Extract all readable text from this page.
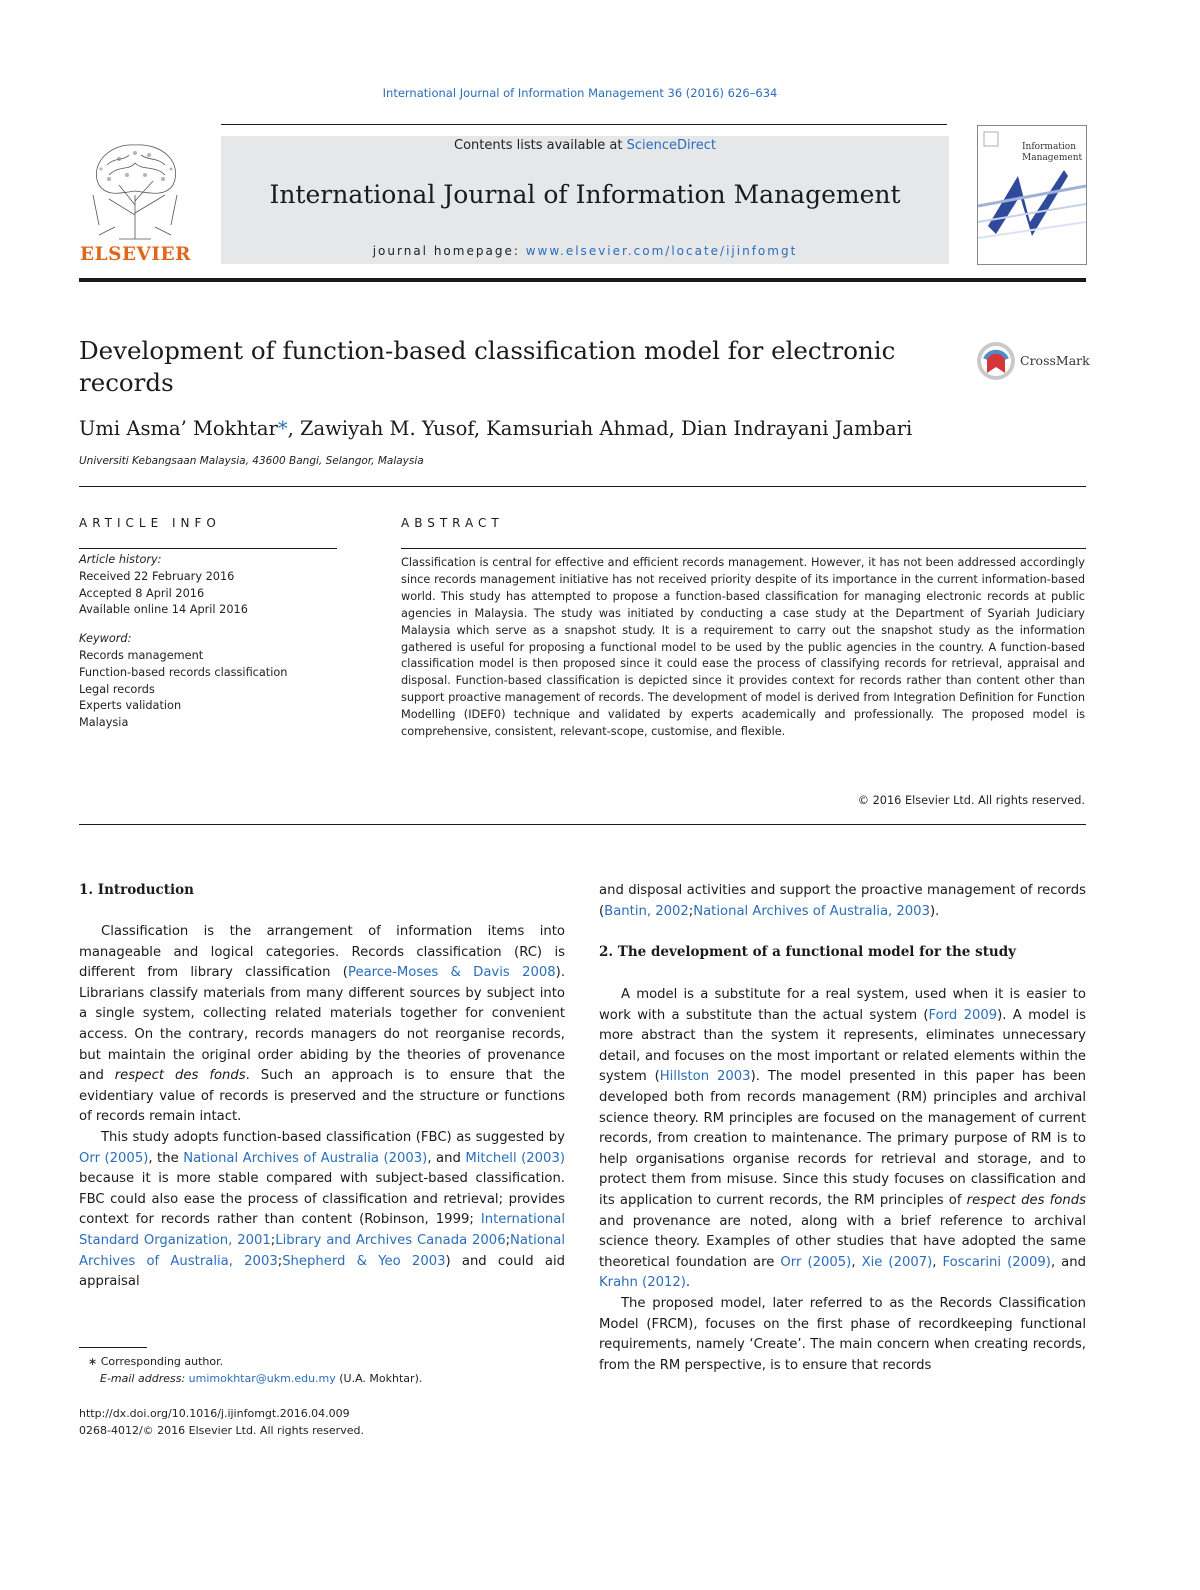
International Journal of Information Management 36 (2016) 626–634
ELSEVIER
Contents lists available at ScienceDirect
International Journal of Information Management
journal homepage: www.elsevier.com/locate/ijinfomgt
Information
Management
Development of function-based classification model for electronic records
CrossMark
Umi Asma’ Mokhtar*, Zawiyah M. Yusof, Kamsuriah Ahmad, Dian Indrayani Jambari
Universiti Kebangsaan Malaysia, 43600 Bangi, Selangor, Malaysia
ARTICLE INFO
Article history:
Received 22 February 2016
Accepted 8 April 2016
Available online 14 April 2016
Keyword:
Records management
Function-based records classification
Legal records
Experts validation
Malaysia
ABSTRACT
Classification is central for effective and efficient records management. However, it has not been addressed accordingly since records management initiative has not received priority despite of its importance in the current information-based world. This study has attempted to propose a function-based classification for managing electronic records at public agencies in Malaysia. The study was initiated by conducting a case study at the Department of Syariah Judiciary Malaysia which serve as a snapshot study. It is a requirement to carry out the snapshot study as the information gathered is useful for proposing a functional model to be used by the public agencies in the country. A function-based classification model is then proposed since it could ease the process of classifying records for retrieval, appraisal and disposal. Function-based classification is depicted since it provides context for records rather than content other than support proactive management of records. The development of model is derived from Integration Definition for Function Modelling (IDEF0) technique and validated by experts academically and professionally. The proposed model is comprehensive, consistent, relevant-scope, customise, and flexible.
© 2016 Elsevier Ltd. All rights reserved.
1. Introduction

Classification is the arrangement of information items into manageable and logical categories. Records classification (RC) is different from library classification (Pearce-Moses & Davis 2008). Librarians classify materials from many different sources by subject into a single system, collecting related materials together for convenient access. On the contrary, records managers do not reorganise records, but maintain the original order abiding by the theories of provenance and respect des fonds. Such an approach is to ensure that the evidentiary value of records is preserved and the structure or functions of records remain intact.

This study adopts function-based classification (FBC) as suggested by Orr (2005), the National Archives of Australia (2003), and Mitchell (2003) because it is more stable compared with subject-based classification. FBC could also ease the process of classification and retrieval; provides context for records rather than content (Robinson, 1999; International Standard Organization, 2001;Library and Archives Canada 2006;National Archives of Australia, 2003;Shepherd & Yeo 2003) and could aid appraisal

∗ Corresponding author.
E-mail address: umimokhtar@ukm.edu.my (U.A. Mokhtar).
http://dx.doi.org/10.1016/j.ijinfomgt.2016.04.009
0268-4012/© 2016 Elsevier Ltd. All rights reserved.
and disposal activities and support the proactive management of records (Bantin, 2002;National Archives of Australia, 2003).
2. The development of a functional model for the study

A model is a substitute for a real system, used when it is easier to work with a substitute than the actual system (Ford 2009). A model is more abstract than the system it represents, eliminates unnecessary detail, and focuses on the most important or related elements within the system (Hillston 2003). The model presented in this paper has been developed both from records management (RM) principles and archival science theory. RM principles are focused on the management of current records, from creation to maintenance. The primary purpose of RM is to help organisations organise records for retrieval and storage, and to protect them from misuse. Since this study focuses on classification and its application to current records, the RM principles of respect des fonds and provenance are noted, along with a brief reference to archival science theory. Examples of other studies that have adopted the same theoretical foundation are Orr (2005), Xie (2007), Foscarini (2009), and Krahn (2012).

The proposed model, later referred to as the Records Classification Model (FRCM), focuses on the first phase of recordkeeping functional requirements, namely ‘Create’. The main concern when creating records, from the RM perspective, is to ensure that records
